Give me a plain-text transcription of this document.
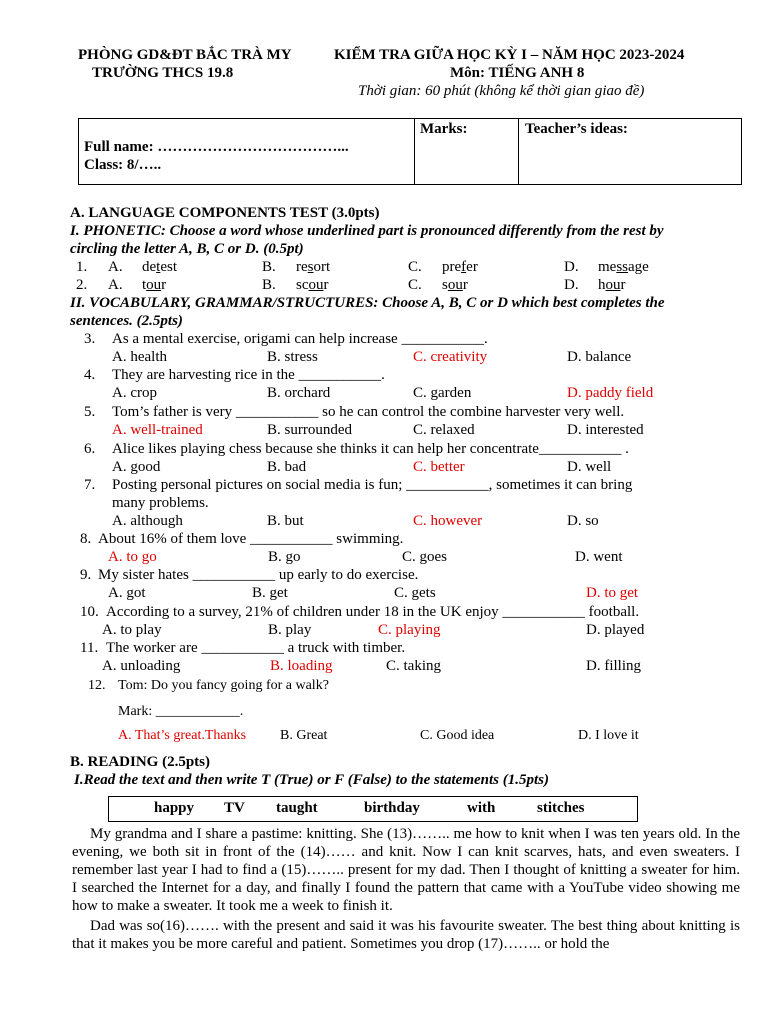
PHÒNG GD&ĐT BẮC TRÀ MY
TRƯỜNG THCS 19.8
KIỂM TRA GIỮA HỌC KỲ I – NĂM HỌC 2023-2024
Môn: TIẾNG ANH 8
Thời gian: 60 phút (không kể thời gian giao đề)
Full name: ………………………………...
Class: 8/…..
Marks:	Teacher’s ideas:
A. LANGUAGE COMPONENTS TEST (3.0pts)
I. PHONETIC: Choose a word whose underlined part is pronounced differently from the rest by
circling the letter A, B, C or D. (0.5pt)
1. A. detest	B. resort	C. prefer	D. message
2. A. tour	B. scour	C. sour	D. hour
II. VOCABULARY, GRAMMAR/STRUCTURES: Choose A, B, C or D which best completes the
sentences. (2.5pts)
3. As a mental exercise, origami can help increase ___________.
A. health	B. stress	C. creativity	D. balance
4. They are harvesting rice in the ___________.
A. crop	B. orchard	C. garden	D. paddy field
5. Tom’s father is very ___________ so he can control the combine harvester very well.
A. well-trained	B. surrounded	C. relaxed	D. interested
6. Alice likes playing chess because she thinks it can help her concentrate___________ .
A. good	B. bad	C. better	D. well
7. Posting personal pictures on social media is fun; ___________, sometimes it can bring
many problems.
A. although	B. but	C. however	D. so
8. About 16% of them love ___________ swimming.
A. to go	B. go	C. goes	D. went
9. My sister hates ___________ up early to do exercise.
A. got	B. get	C. gets	D. to get
10. According to a survey, 21% of children under 18 in the UK enjoy ___________ football.
A. to play	B. play	C. playing	D. played
11. The worker are ___________ a truck with timber.
A. unloading	B. loading	C. taking	D. filling
12. Tom: Do you fancy going for a walk?
Mark: ____________.
A. That’s great.Thanks B. Great	C. Good idea	D. I love it
B. READING (2.5pts)
I.Read the text and then write T (True) or F (False) to the statements (1.5pts)
happy TV taught	birthday	with	stitches
My grandma and I share a pastime: knitting. She (13)…….. me how to knit when I was ten years old. In the evening, we both sit in front of the (14)…… and knit. Now I can knit scarves, hats, and even sweaters. I remember last year I had to find a (15)…….. present for my dad. Then I thought of knitting a sweater for him. I searched the Internet for a day, and finally I found the pattern that came with a YouTube video showing me how to make a sweater. It took me a week to finish it.
Dad was so(16)……. with the present and said it was his favourite sweater. The best thing about knitting is that it makes you be more careful and patient. Sometimes you drop (17)…….. or hold the
